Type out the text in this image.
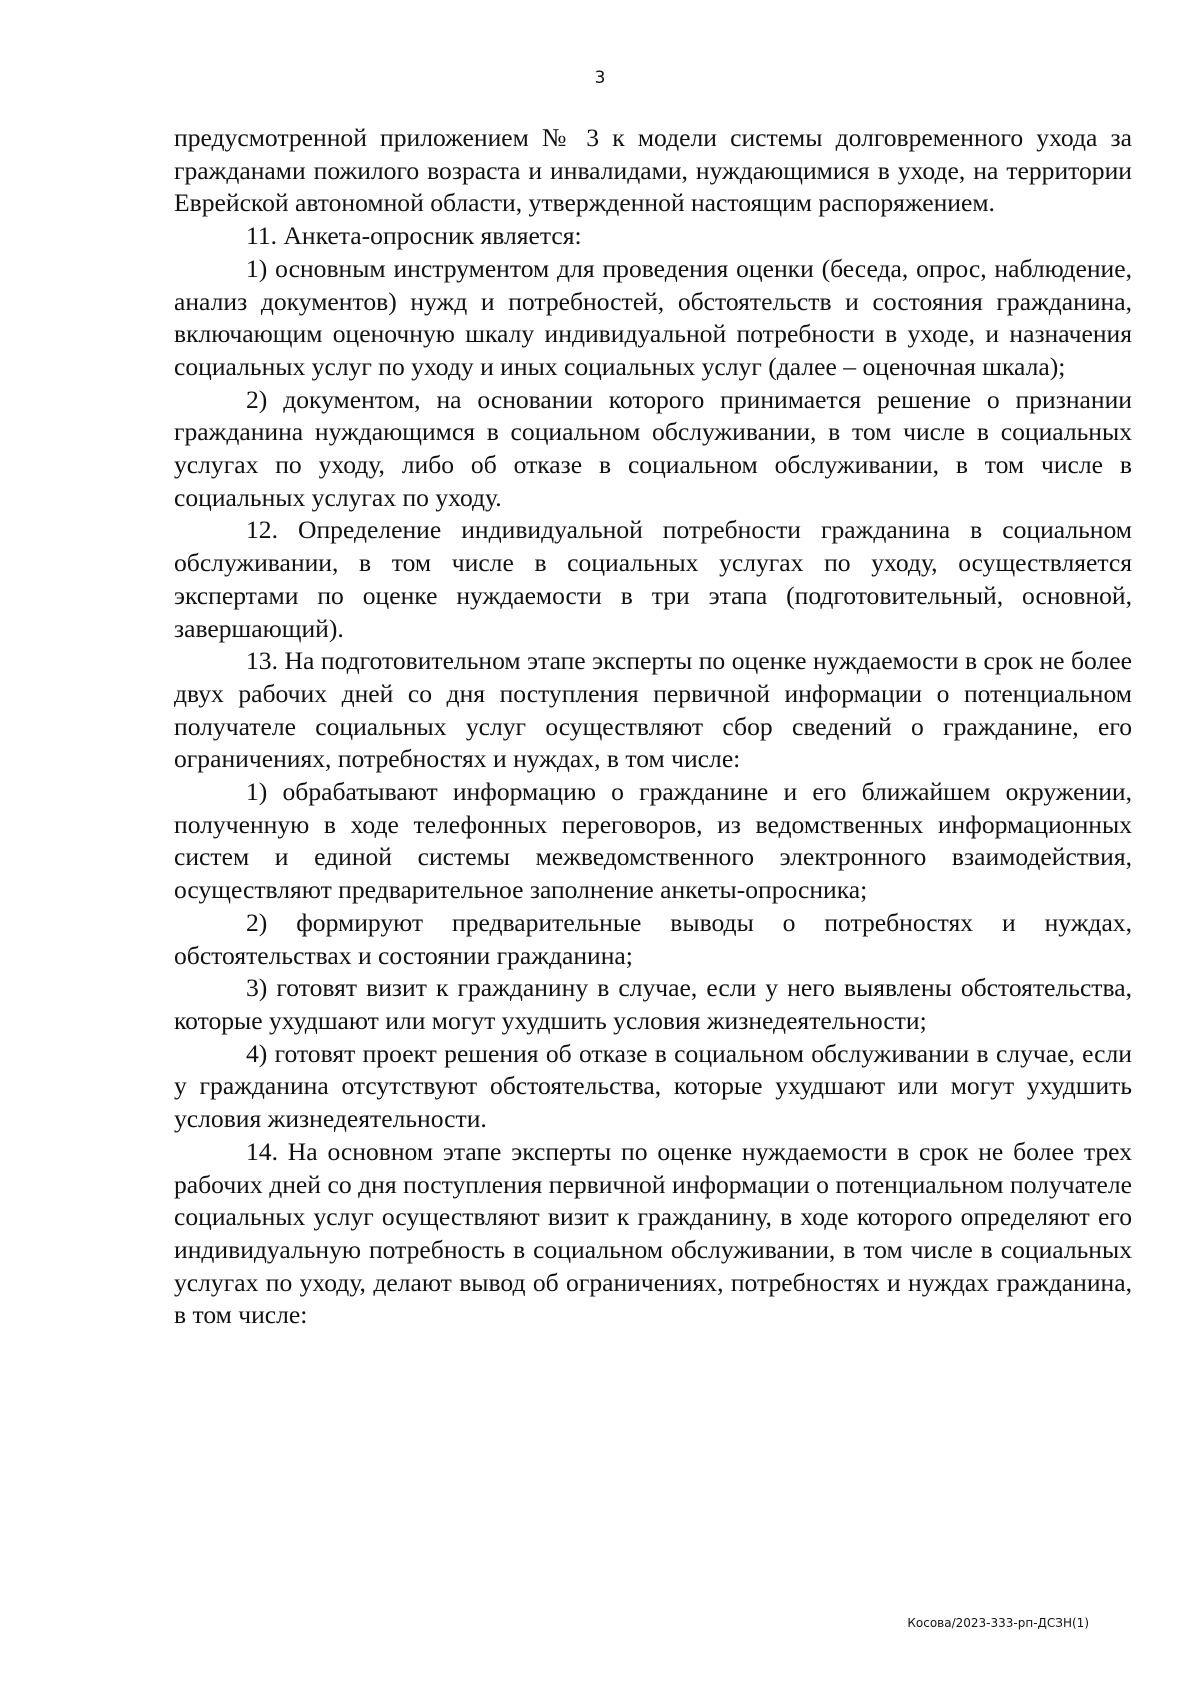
3

предусмотренной приложением № 3 к модели системы долговременного ухода за гражданами пожилого возраста и инвалидами, нуждающимися в уходе, на территории Еврейской автономной области, утвержденной настоящим распоряжением.

11. Анкета-опросник является:

1) основным инструментом для проведения оценки (беседа, опрос, наблюдение, анализ документов) нужд и потребностей, обстоятельств и состояния гражданина, включающим оценочную шкалу индивидуальной потребности в уходе, и назначения социальных услуг по уходу и иных социальных услуг (далее – оценочная шкала);

2) документом, на основании которого принимается решение о признании гражданина нуждающимся в социальном обслуживании, в том числе в социальных услугах по уходу, либо об отказе в социальном обслуживании, в том числе в социальных услугах по уходу.

12. Определение индивидуальной потребности гражданина в социальном обслуживании, в том числе в социальных услугах по уходу, осуществляется экспертами по оценке нуждаемости в три этапа (подготовительный, основной, завершающий).

13. На подготовительном этапе эксперты по оценке нуждаемости в срок не более двух рабочих дней со дня поступления первичной информации о потенциальном получателе социальных услуг осуществляют сбор сведений о гражданине, его ограничениях, потребностях и нуждах, в том числе:

1) обрабатывают информацию о гражданине и его ближайшем окружении, полученную в ходе телефонных переговоров, из ведомственных информационных систем и единой системы межведомственного электронного взаимодействия, осуществляют предварительное заполнение анкеты-опросника;

2) формируют предварительные выводы о потребностях и нуждах, обстоятельствах и состоянии гражданина;

3) готовят визит к гражданину в случае, если у него выявлены обстоятельства, которые ухудшают или могут ухудшить условия жизнедеятельности;

4) готовят проект решения об отказе в социальном обслуживании в случае, если у гражданина отсутствуют обстоятельства, которые ухудшают или могут ухудшить условия жизнедеятельности.

14. На основном этапе эксперты по оценке нуждаемости в срок не более трех рабочих дней со дня поступления первичной информации о потенциальном получателе социальных услуг осуществляют визит к гражданину, в ходе которого определяют его индивидуальную потребность в социальном обслуживании, в том числе в социальных услугах по уходу, делают вывод об ограничениях, потребностях и нуждах гражданина, в том числе:

Косова/2023-333-рп-ДСЗН(1)
